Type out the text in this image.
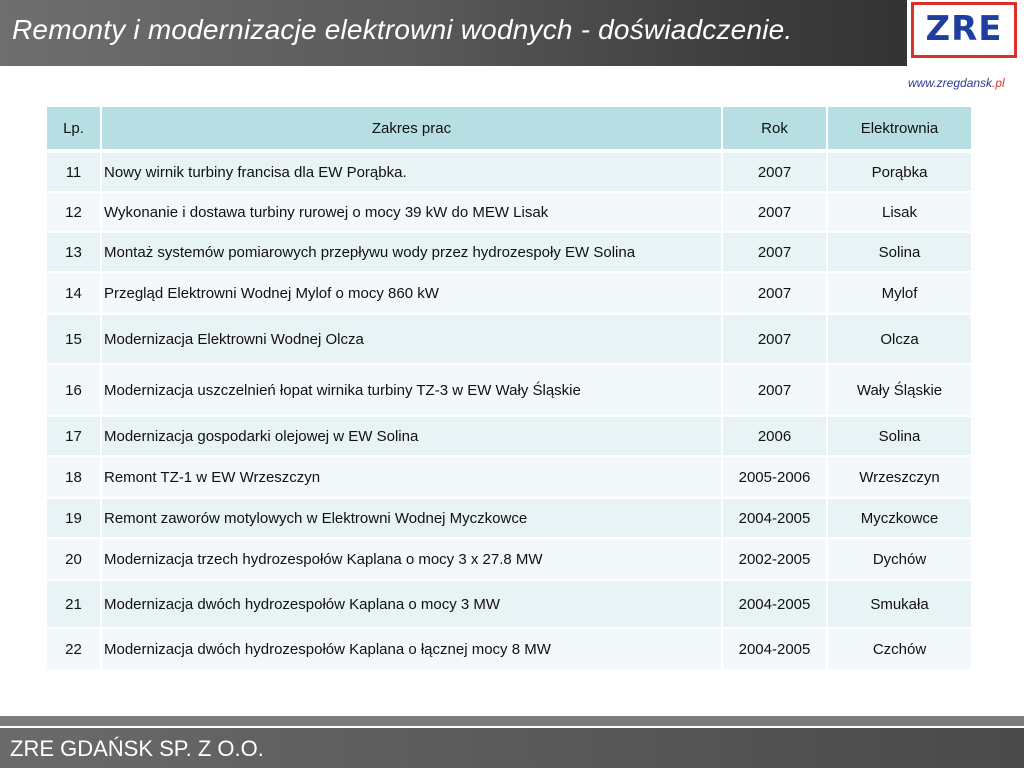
Remonty i modernizacje elektrowni wodnych - doświadczenie.	ZRE
www.zregdansk.pl
Lp.	Zakres prac	Rok	Elektrownia
11	Nowy wirnik turbiny francisa dla EW Porąbka.	2007	Porąbka
12	Wykonanie i dostawa turbiny rurowej o mocy 39 kW do MEW Lisak	2007	Lisak
13	Montaż systemów pomiarowych przepływu wody przez hydrozespoły EW Solina	2007	Solina
14	Przegląd Elektrowni Wodnej Mylof o mocy 860 kW	2007	Mylof
15	Modernizacja Elektrowni Wodnej Olcza	2007	Olcza
16	Modernizacja uszczelnień łopat wirnika turbiny TZ-3 w EW Wały Śląskie	2007	Wały Śląskie
17	Modernizacja gospodarki olejowej w EW Solina	2006	Solina
18	Remont TZ-1 w EW Wrzeszczyn	2005-2006	Wrzeszczyn
19	Remont zaworów motylowych w Elektrowni Wodnej Myczkowce	2004-2005	Myczkowce
20	Modernizacja trzech hydrozespołów Kaplana o mocy 3 x 27.8 MW	2002-2005	Dychów
21	Modernizacja dwóch hydrozespołów Kaplana o mocy 3 MW	2004-2005	Smukała
22	Modernizacja dwóch hydrozespołów Kaplana o łącznej mocy 8 MW	2004-2005	Czchów
ZRE GDAŃSK SP. Z O.O.
